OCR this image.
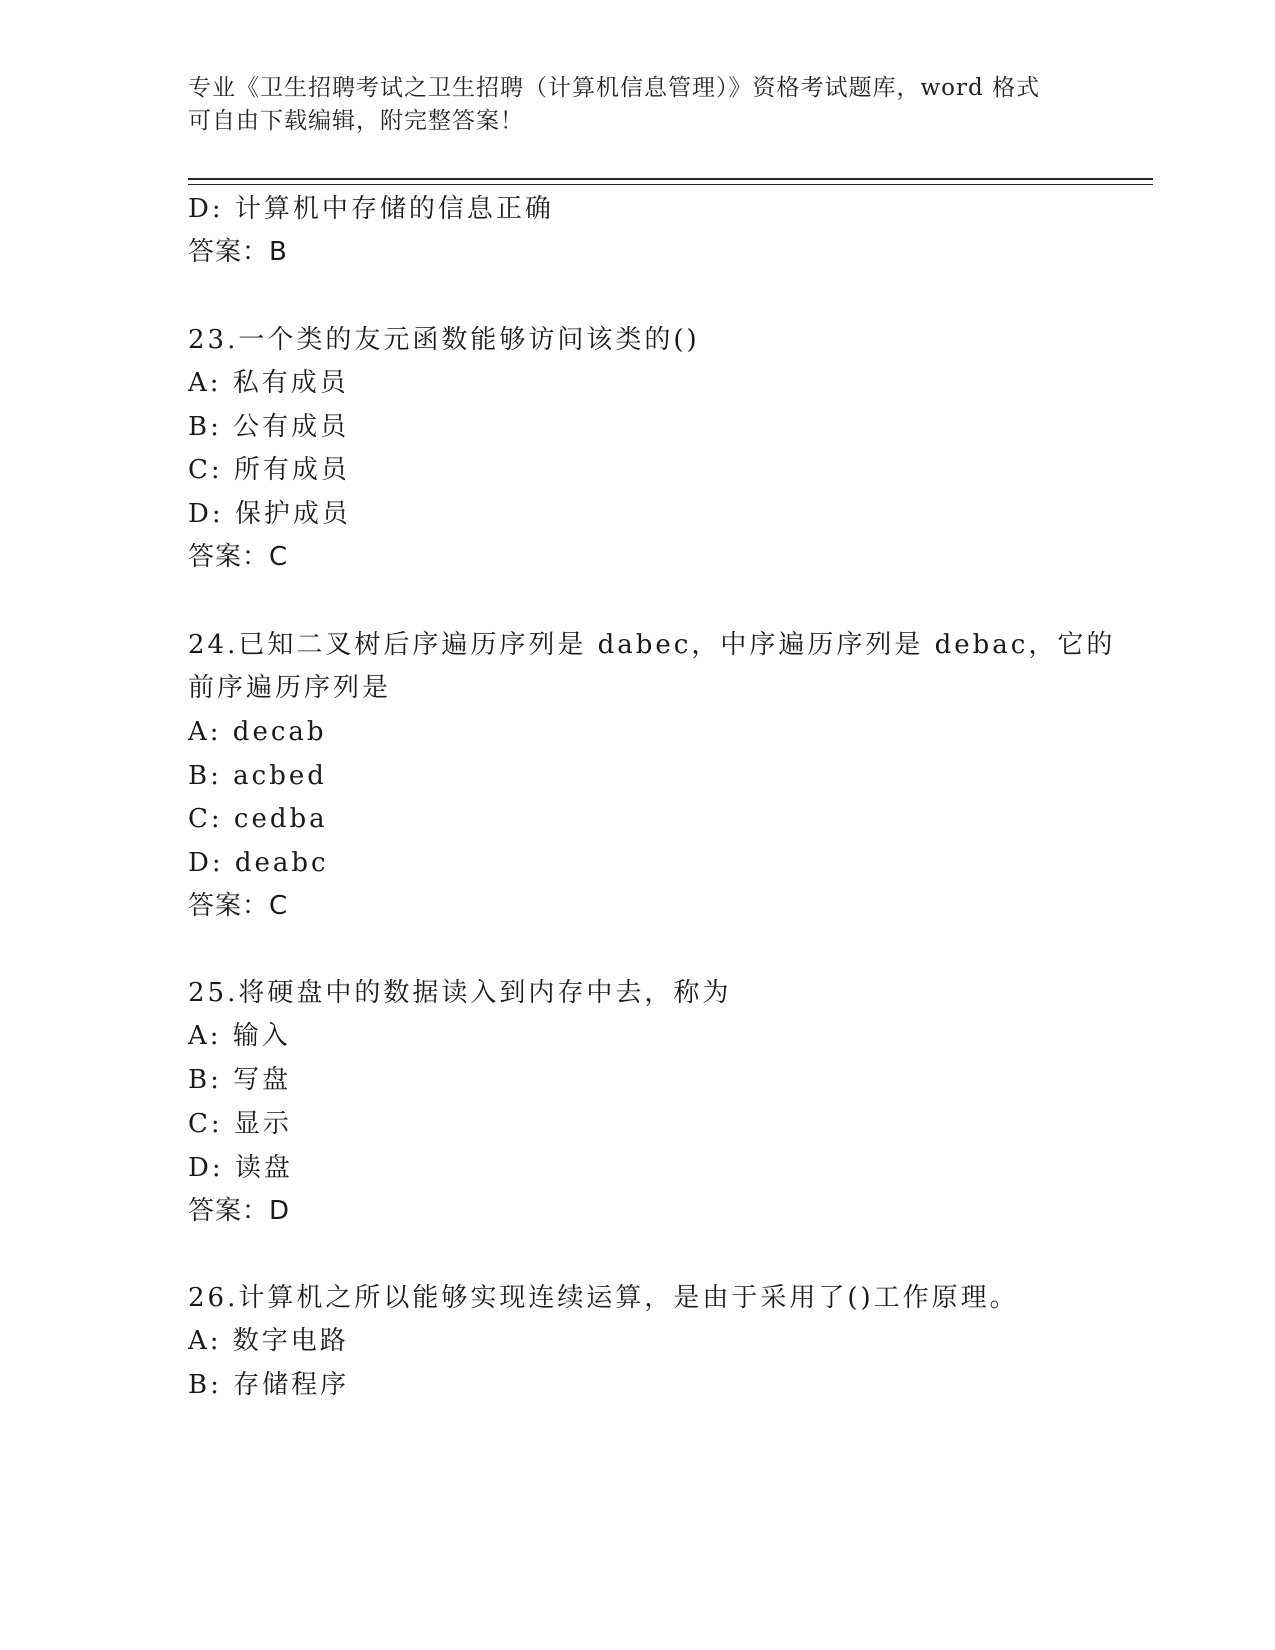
专业《卫生招聘考试之卫生招聘（计算机信息管理）》资格考试题库，word 格式
可自由下载编辑，附完整答案！
D: 计算机中存储的信息正确
答案：B
23.一个类的友元函数能够访问该类的()
A: 私有成员
B: 公有成员
C: 所有成员
D: 保护成员
答案：C
24.已知二叉树后序遍历序列是 dabec，中序遍历序列是 debac，它的
前序遍历序列是
A: decab
B: acbed
C: cedba
D: deabc
答案：C
25.将硬盘中的数据读入到内存中去，称为
A: 输入
B: 写盘
C: 显示
D: 读盘
答案：D
26.计算机之所以能够实现连续运算，是由于采用了()工作原理。
A: 数字电路
B: 存储程序
